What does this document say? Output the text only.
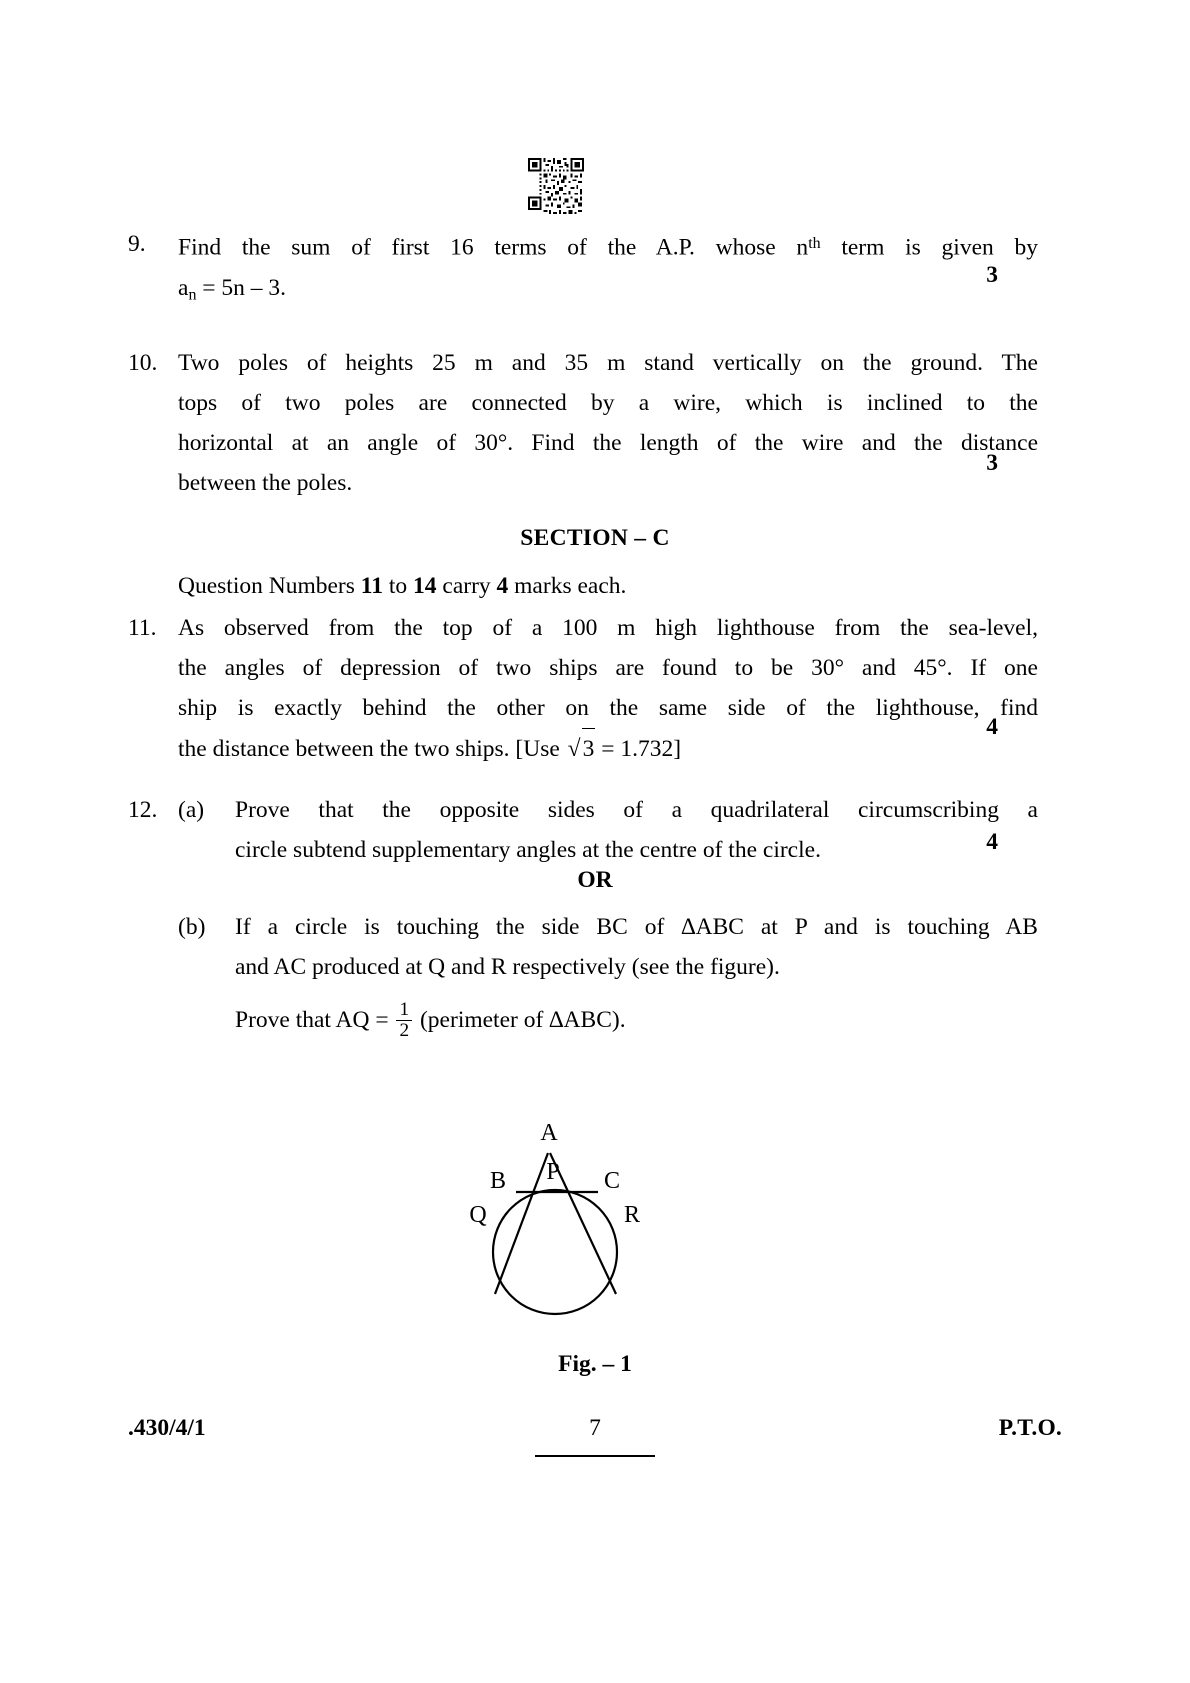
9.	Find the sum of first 16 terms of the A.P. whose $n^{th}$ term is given by
$a_n = 5n - 3$.	3
10. Two poles of heights 25 m and 35 m stand vertically on the ground. The
tops of two poles are connected by a wire, which is inclined to the
horizontal at an angle of 30°. Find the length of the wire and the distance
between the poles.
3
SECTION – C
Question Numbers 11 to 14 carry 4 marks each.
11. As observed from the top of a 100 m high lighthouse from the sea-level,
the angles of depression of two ships are found to be 30° and 45°. If one
ship is exactly behind the other on the same side of the lighthouse, find
the distance between the two ships. [Use √3 = 1.732]
4
12. (a)	Prove that the opposite sides of a quadrilateral circumscribing a
circle subtend supplementary angles at the centre of the circle.	4
OR
(b)	If a circle is touching the side BC of ∆ABC at P and is touching AB
and AC produced at Q and R respectively (see the figure).
Prove that AQ = $\frac{1}{2}$ (perimeter of ∆ABC).
A
B	C
P
Q	R
Fig. – 1
.430/4/1	7	P.T.O.
